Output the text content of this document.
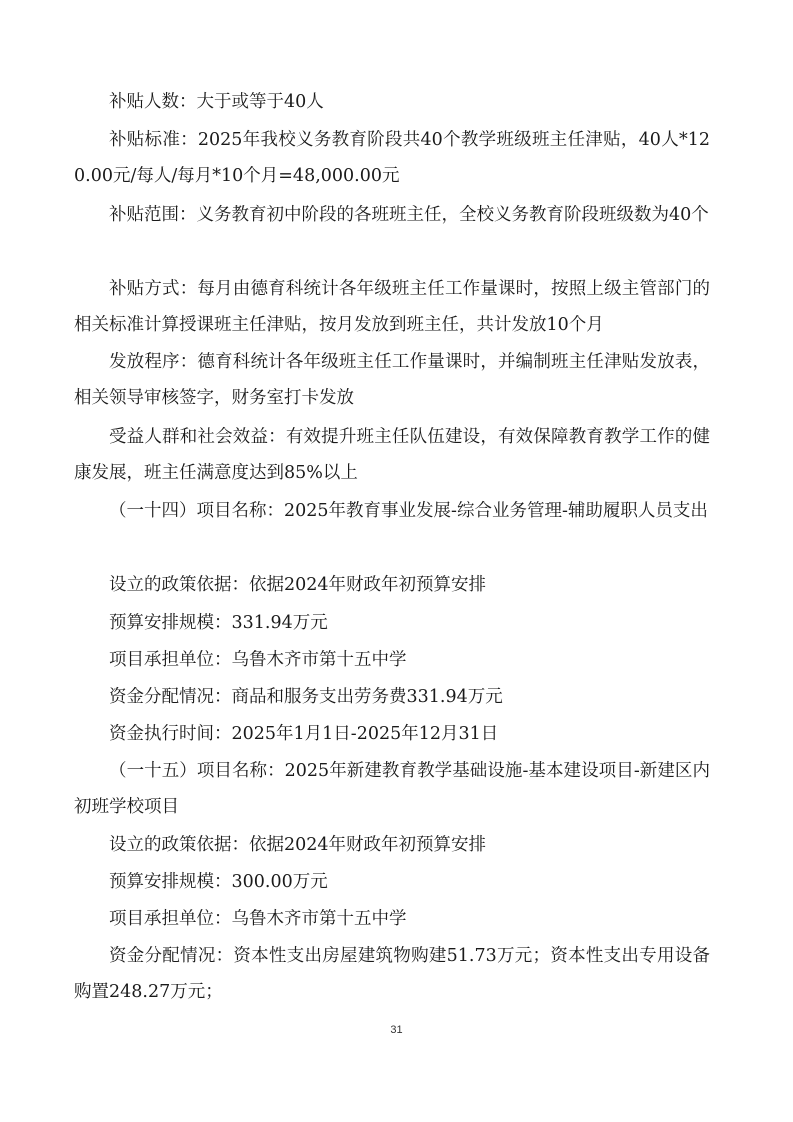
补贴人数：大于或等于40人

补贴标准：2025年我校义务教育阶段共40个教学班级班主任津贴，40人*120.00元/每人/每月*10个月=48,000.00元

补贴范围：义务教育初中阶段的各班班主任，全校义务教育阶段班级数为40个

补贴方式：每月由德育科统计各年级班主任工作量课时，按照上级主管部门的相关标准计算授课班主任津贴，按月发放到班主任，共计发放10个月

发放程序：德育科统计各年级班主任工作量课时，并编制班主任津贴发放表，相关领导审核签字，财务室打卡发放

受益人群和社会效益：有效提升班主任队伍建设，有效保障教育教学工作的健康发展，班主任满意度达到85%以上

（一十四）项目名称：2025年教育事业发展-综合业务管理-辅助履职人员支出

设立的政策依据：依据2024年财政年初预算安排

预算安排规模：331.94万元

项目承担单位：乌鲁木齐市第十五中学

资金分配情况：商品和服务支出劳务费331.94万元

资金执行时间：2025年1月1日-2025年12月31日

（一十五）项目名称：2025年新建教育教学基础设施-基本建设项目-新建区内初班学校项目

设立的政策依据：依据2024年财政年初预算安排

预算安排规模：300.00万元

项目承担单位：乌鲁木齐市第十五中学

资金分配情况：资本性支出房屋建筑物购建51.73万元；资本性支出专用设备购置248.27万元；

31
